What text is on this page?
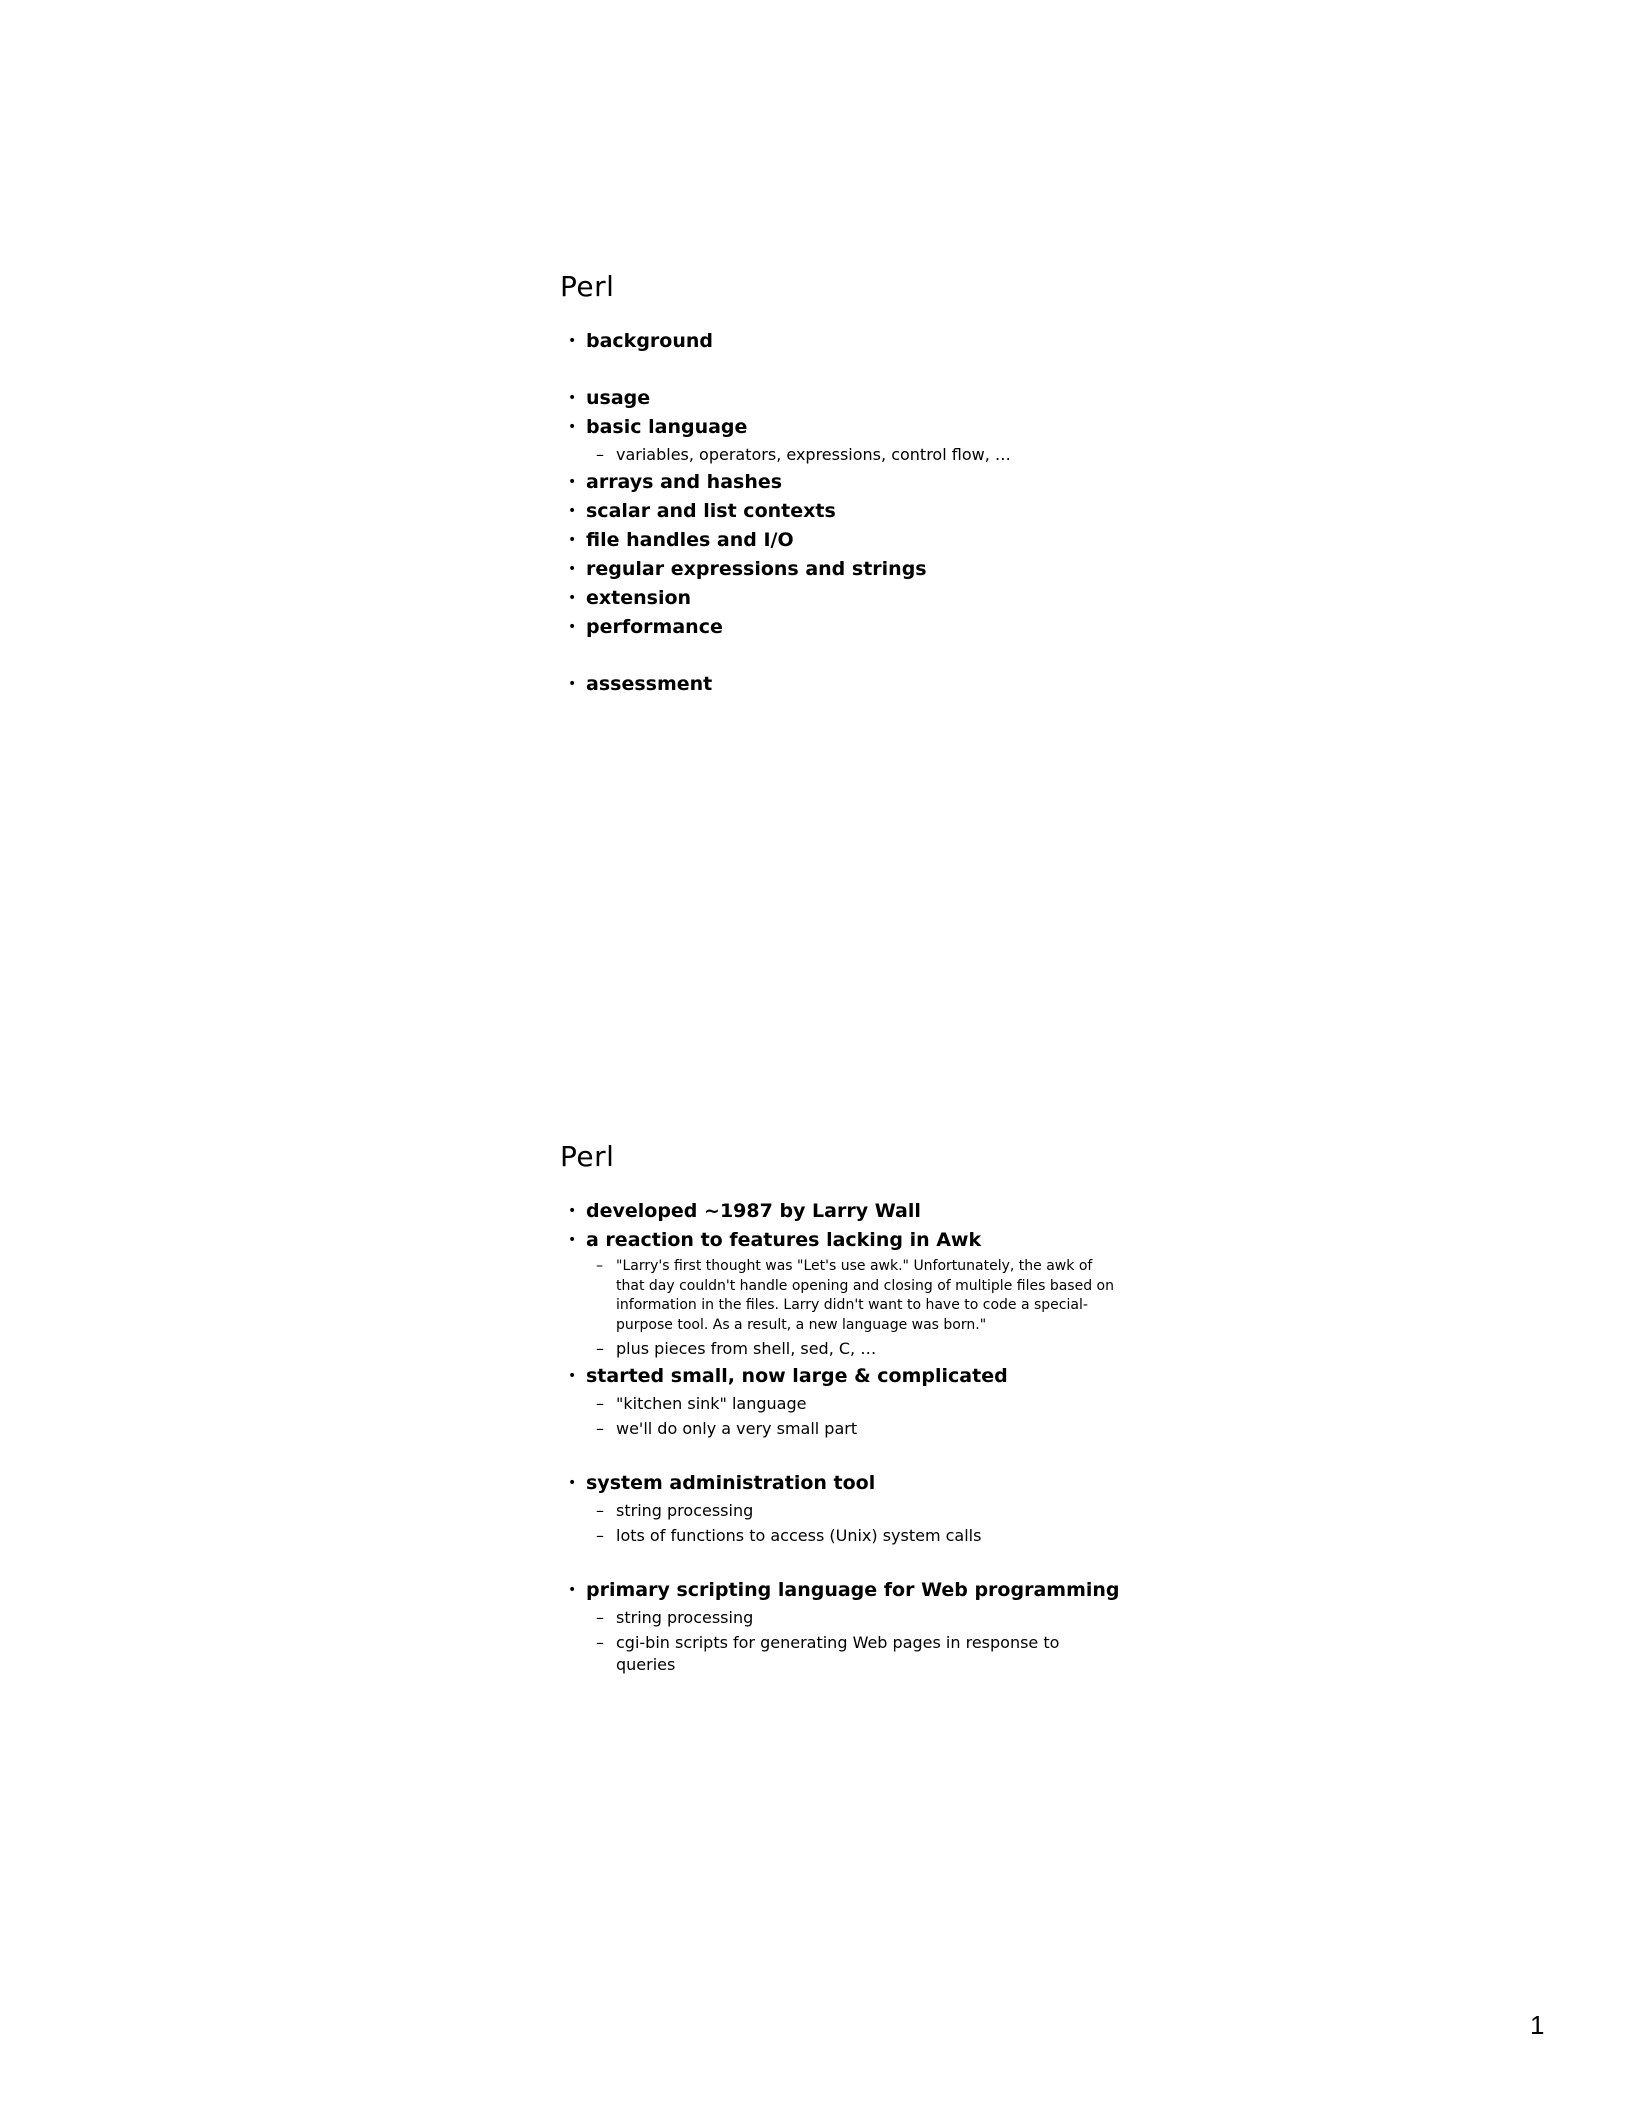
Perl
• background
• usage
• basic language
– variables, operators, expressions, control flow, …
• arrays and hashes
• scalar and list contexts
• file handles and I/O
• regular expressions and strings
• extension
• performance
• assessment
Perl
• developed ~1987 by Larry Wall
• a reaction to features lacking in Awk
– "Larry's first thought was "Let's use awk." Unfortunately, the awk of that day couldn't handle opening and closing of multiple files based on information in the files. Larry didn't want to have to code a special-purpose tool. As a result, a new language was born."
– plus pieces from shell, sed, C, …
• started small, now large & complicated
– "kitchen sink" language
– we'll do only a very small part
• system administration tool
– string processing
– lots of functions to access (Unix) system calls
• primary scripting language for Web programming
– string processing
– cgi-bin scripts for generating Web pages in response to queries
1
